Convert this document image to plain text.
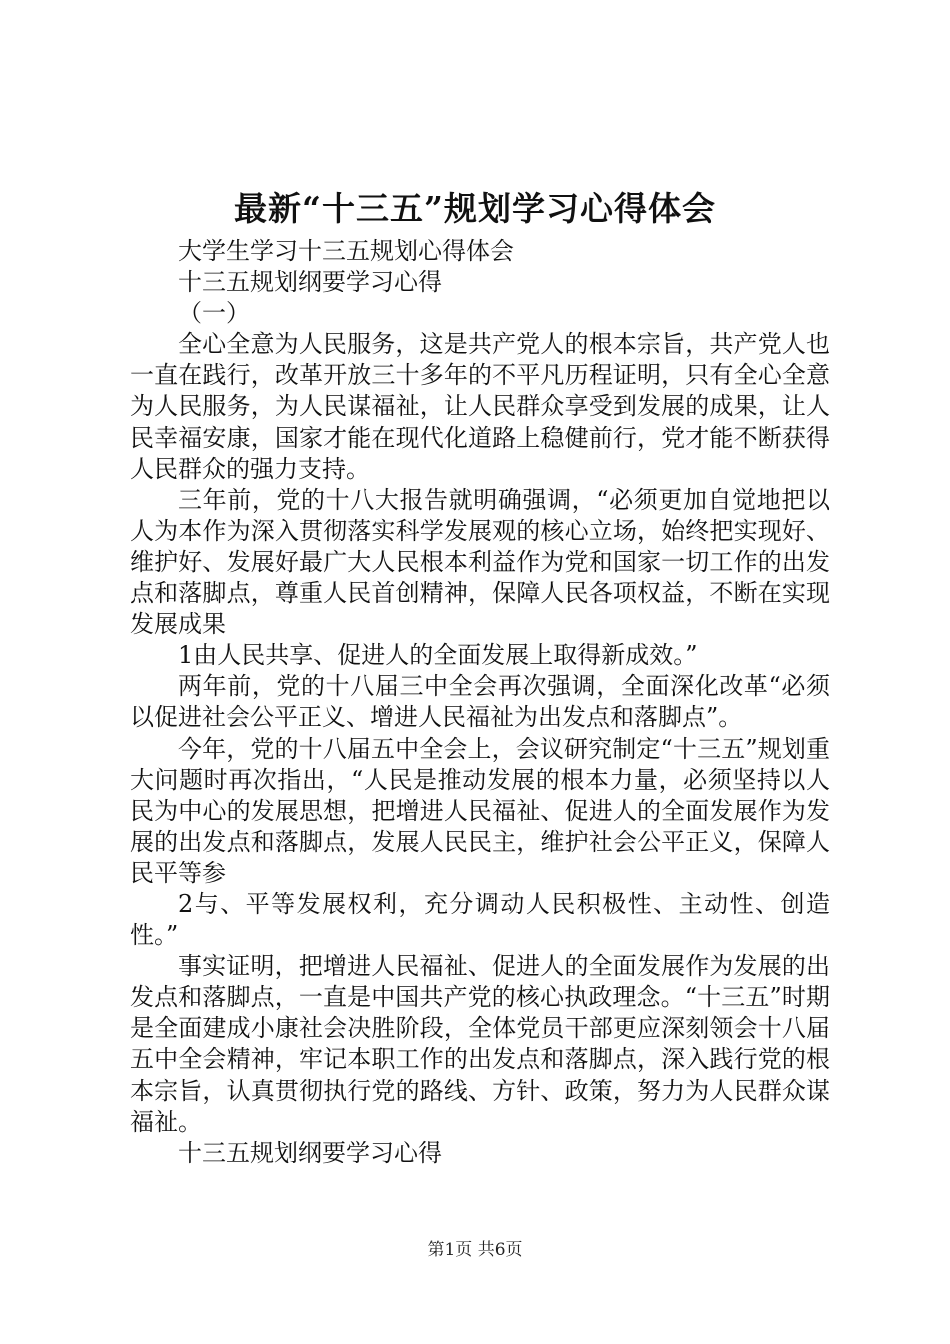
最新“十三五”规划学习心得体会

大学生学习十三五规划心得体会

十三五规划纲要学习心得

（一）

全心全意为人民服务，这是共产党人的根本宗旨，共产党人也一直在践行，改革开放三十多年的不平凡历程证明，只有全心全意为人民服务，为人民谋福祉，让人民群众享受到发展的成果，让人民幸福安康，国家才能在现代化道路上稳健前行，党才能不断获得人民群众的强力支持。

三年前，党的十八大报告就明确强调，“必须更加自觉地把以人为本作为深入贯彻落实科学发展观的核心立场，始终把实现好、维护好、发展好最广大人民根本利益作为党和国家一切工作的出发点和落脚点，尊重人民首创精神，保障人民各项权益，不断在实现发展成果

1由人民共享、促进人的全面发展上取得新成效。”

两年前，党的十八届三中全会再次强调，全面深化改革“必须以促进社会公平正义、增进人民福祉为出发点和落脚点”。

今年，党的十八届五中全会上，会议研究制定“十三五”规划重大问题时再次指出，“人民是推动发展的根本力量，必须坚持以人民为中心的发展思想，把增进人民福祉、促进人的全面发展作为发展的出发点和落脚点，发展人民民主，维护社会公平正义，保障人民平等参

2与、平等发展权利，充分调动人民积极性、主动性、创造性。”

事实证明，把增进人民福祉、促进人的全面发展作为发展的出发点和落脚点，一直是中国共产党的核心执政理念。“十三五”时期是全面建成小康社会决胜阶段，全体党员干部更应深刻领会十八届五中全会精神，牢记本职工作的出发点和落脚点，深入践行党的根本宗旨，认真贯彻执行党的路线、方针、政策，努力为人民群众谋福祉。

十三五规划纲要学习心得

第1页 共6页
